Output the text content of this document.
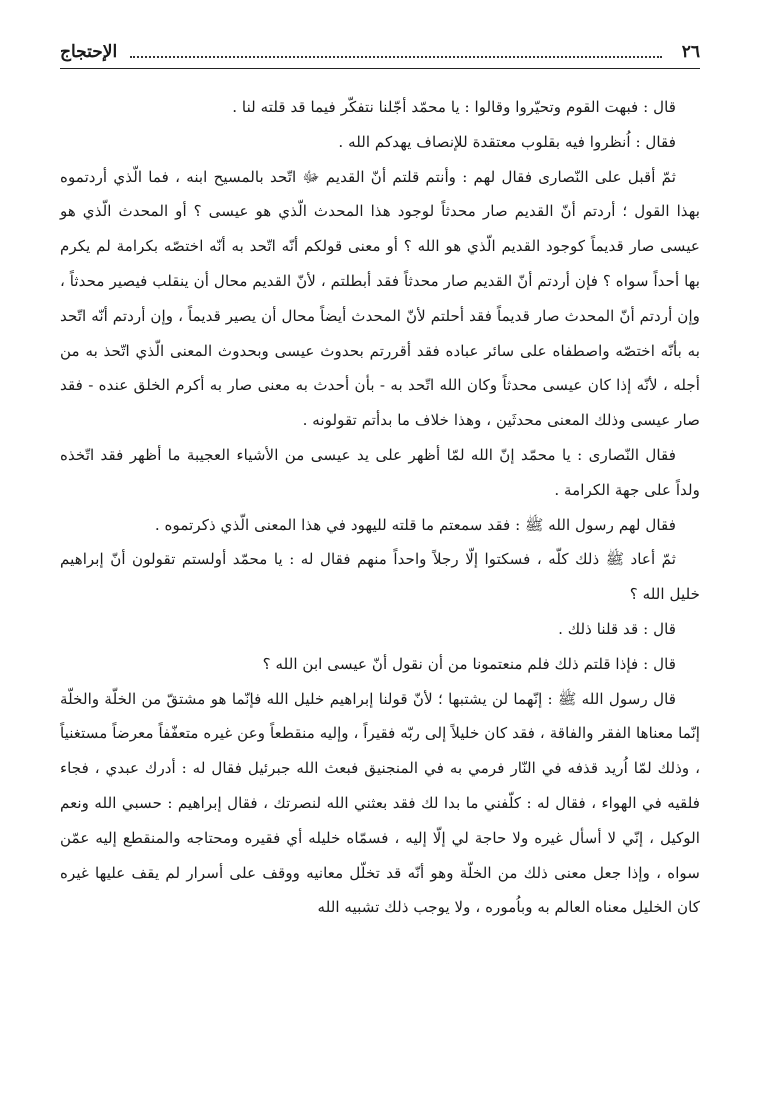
٢٦
الإحتجاج

قال : فبهت القوم وتحيّروا وقالوا : يا محمّد أجّلنا نتفكّر فيما قد قلته لنا .

فقال : اُنظروا فيه بقلوب معتقدة للإنصاف يهدكم الله .

ثمّ أقبل على النّصارى فقال لهم : وأنتم قلتم أنّ القديم ﷻ اتّحد بالمسيح ابنه ، فما الّذي أردتموه بهذا القول ؛ أردتم أنّ القديم صار محدثاً لوجود هذا المحدث الّذي هو عيسى ؟ أو المحدث الّذي هو عيسى صار قديماً كوجود القديم الّذي هو الله ؟ أو معنى قولكم أنّه اتّحد به أنّه اختصّه بكرامة لم يكرم بها أحداً سواه ؟ فإن أردتم أنّ القديم صار محدثاً فقد أبطلتم ، لأنّ القديم محال أن ينقلب فيصير محدثاً ، وإن أردتم أنّ المحدث صار قديماً فقد أحلتم لأنّ المحدث أيضاً محال أن يصير قديماً ، وإن أردتم أنّه اتّحد به بأنّه اختصّه واصطفاه على سائر عباده فقد أقررتم بحدوث عيسى وبحدوث المعنى الّذي اتّحذ به من أجله ، لأنّه إذا كان عيسى محدثاً وكان الله اتّحد به - بأن أحدث به معنى صار به أكرم الخلق عنده - فقد صار عيسى وذلك المعنى محدثَين ، وهذا خلاف ما بدأتم تقولونه .

فقال النّصارى : يا محمّد إنّ الله لمّا أظهر على يد عيسى من الأشياء العجيبة ما أظهر فقد اتّخذه ولداً على جهة الكرامة .

فقال لهم رسول الله ﷺ : فقد سمعتم ما قلته لليهود في هذا المعنى الّذي ذكرتموه .

ثمّ أعاد ﷺ ذلك كلّه ، فسكتوا إلّا رجلاً واحداً منهم فقال له : يا محمّد أولستم تقولون أنّ إبراهيم خليل الله ؟

قال : قد قلنا ذلك .

قال : فإذا قلتم ذلك فلم منعتمونا من أن نقول أنّ عيسى ابن الله ؟

قال رسول الله ﷺ : إنّهما لن يشتبها ؛ لأنّ قولنا إبراهيم خليل الله فإنّما هو مشتقّ من الخلّة والخلّة إنّما معناها الفقر والفاقة ، فقد كان خليلاً إلى ربّه فقيراً ، وإليه منقطعاً وعن غيره متعفّفاً معرضاً مستغنياً ، وذلك لمّا اُريد قذفه في النّار فرمي به في المنجنيق فبعث الله جبرئيل فقال له : أدرك عبدي ، فجاء فلقيه في الهواء ، فقال له : كلّفني ما بدا لك فقد بعثني الله لنصرتك ، فقال إبراهيم : حسبي الله ونعم الوكيل ، إنّي لا أسأل غيره ولا حاجة لي إلّا إليه ، فسمّاه خليله أي فقيره ومحتاجه والمنقطع إليه عمّن سواه ، وإذا جعل معنى ذلك من الخلّة وهو أنّه قد تخلّل معانيه ووقف على أسرار لم يقف عليها غيره كان الخليل معناه العالم به وباُموره ، ولا يوجب ذلك تشبيه الله
